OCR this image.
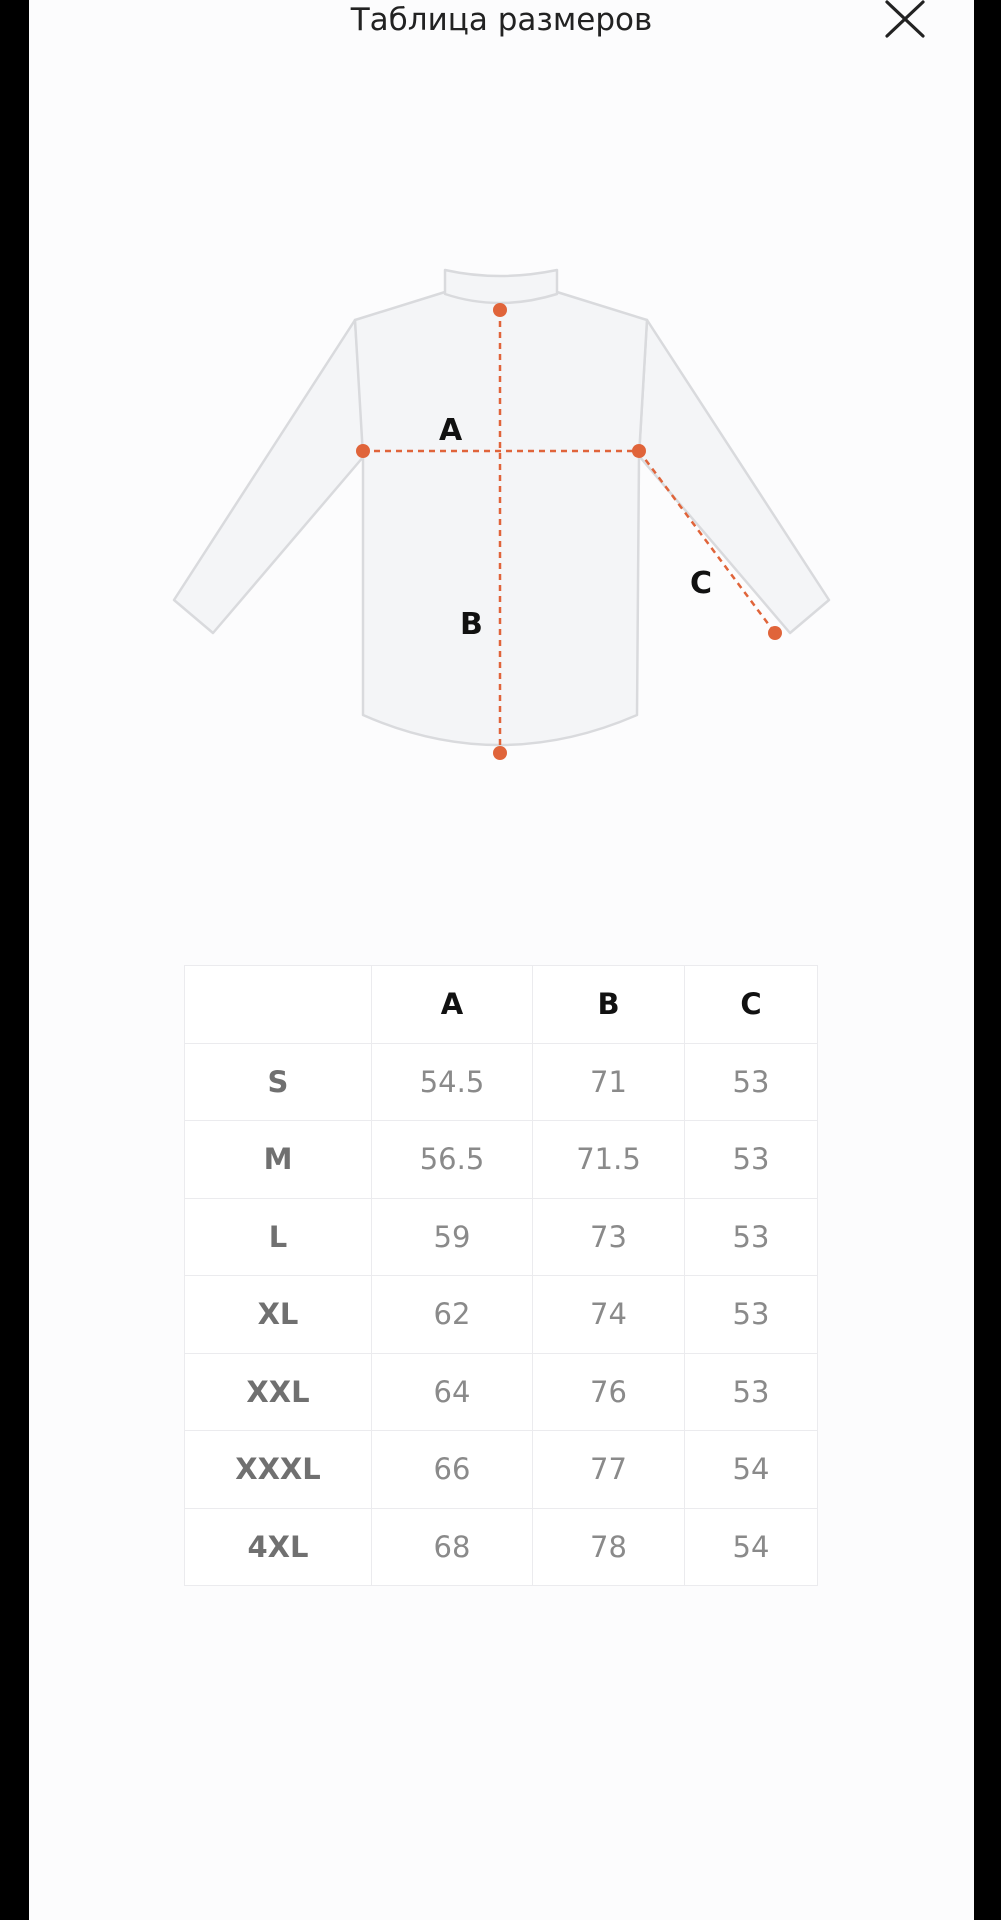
Таблица размеров
A
B
C
	A	B	C
S	54.5	71	53
M	56.5	71.5	53
L	59	73	53
XL	62	74	53
XXL	64	76	53
XXXL	66	77	54
4XL	68	78	54
